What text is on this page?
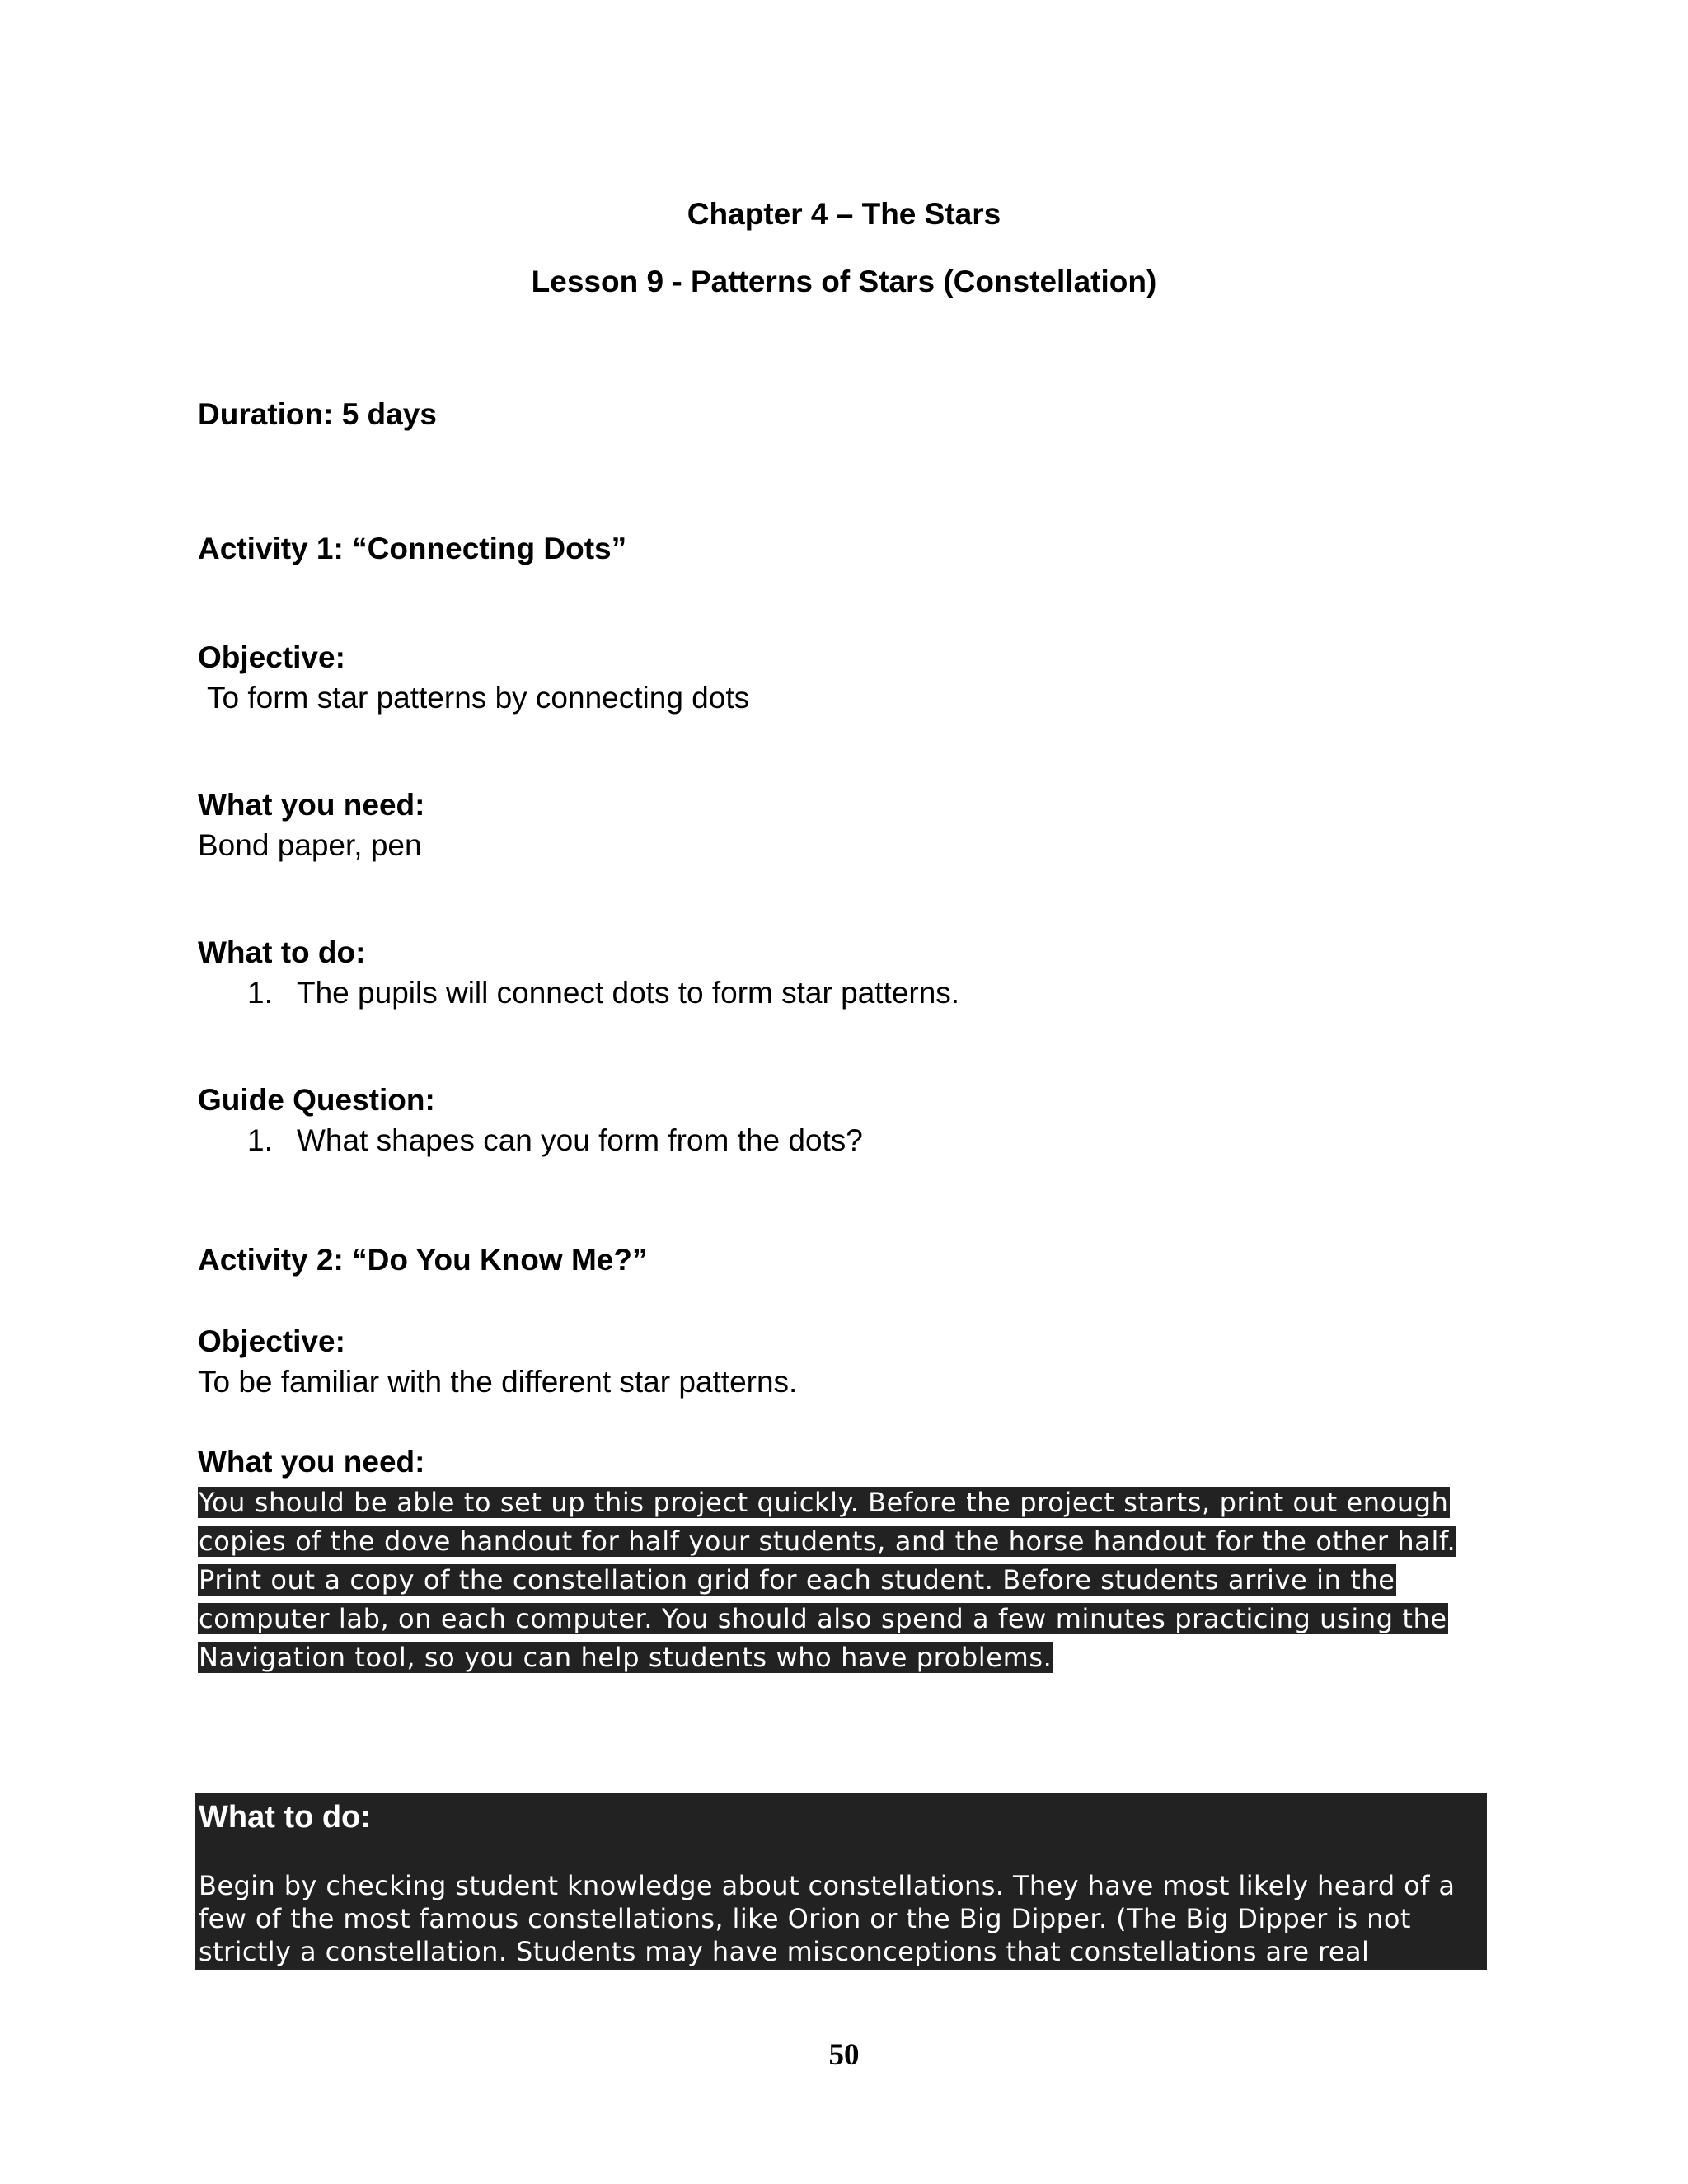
Chapter 4 – The Stars
Lesson 9 - Patterns of Stars (Constellation)
Duration: 5 days
Activity 1: “Connecting Dots”
Objective:
To form star patterns by connecting dots
What you need:
Bond paper, pen
What to do:
1. The pupils will connect dots to form star patterns.
Guide Question:
1. What shapes can you form from the dots?
Activity 2: “Do You Know Me?”
Objective:
To be familiar with the different star patterns.
What you need:
You should be able to set up this project quickly. Before the project starts, print out enough
copies of the dove handout for half your students, and the horse handout for the other half.
Print out a copy of the constellation grid for each student. Before students arrive in the
computer lab, on each computer. You should also spend a few minutes practicing using the
Navigation tool, so you can help students who have problems.
What to do:
Begin by checking student knowledge about constellations. They have most likely heard of a
few of the most famous constellations, like Orion or the Big Dipper. (The Big Dipper is not
strictly a constellation. Students may have misconceptions that constellations are real
50
